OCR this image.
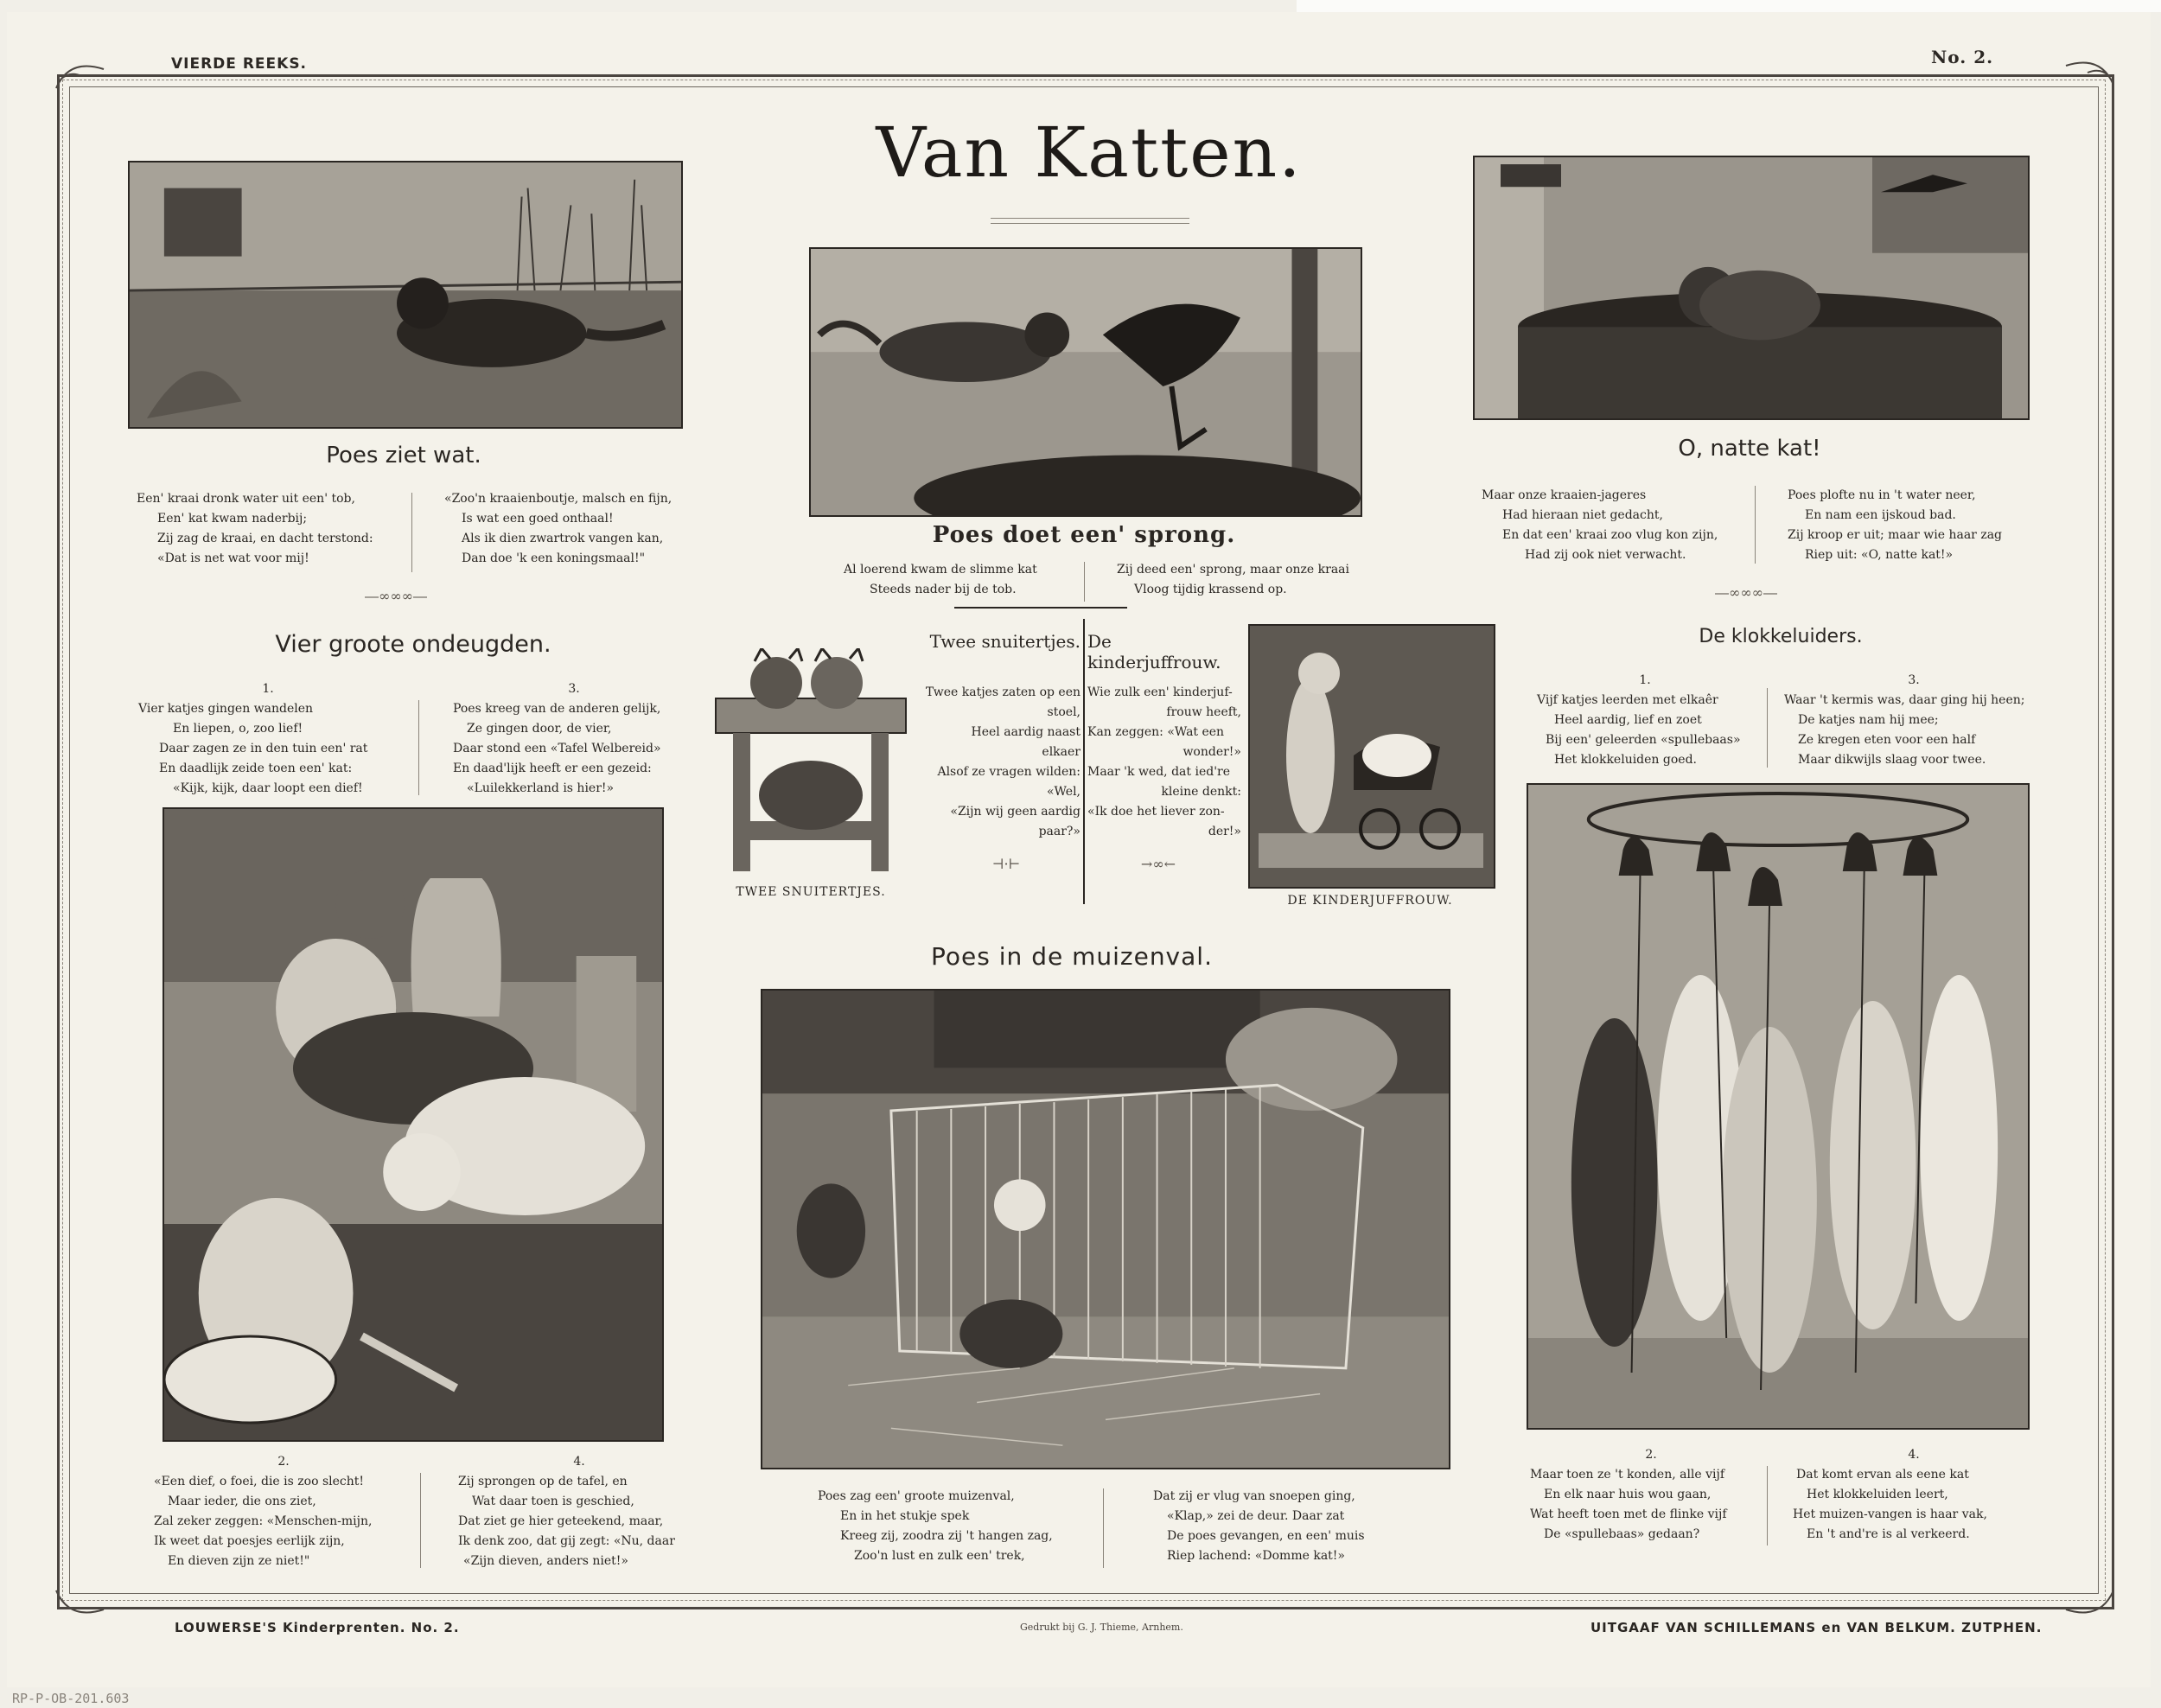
VIERDE REEKS.	No. 2.
Van Katten.
Poes ziet wat.
Een' kraai dronk water uit een' tob,
Een' kat kwam naderbij;
Zij zag de kraai, en dacht terstond:
«Dat is net wat voor mij!
«Zoo'n kraaienboutje, malsch en fijn,
Is wat een goed onthaal!
Als ik dien zwartrok vangen kan,
Dan doe 'k een koningsmaal!"
―∞∞∞―
Poes doet een' sprong.
Al loerend kwam de slimme kat
Steeds nader bij de tob.
Zij deed een' sprong, maar onze kraai
Vloog tijdig krassend op.
O, natte kat!
Maar onze kraaien-jageres
Had hieraan niet gedacht,
En dat een' kraai zoo vlug kon zijn,
Had zij ook niet verwacht.
Poes plofte nu in 't water neer,
En nam een ijskoud bad.
Zij kroop er uit; maar wie haar zag
Riep uit: «O, natte kat!»
―∞∞∞―
Vier groote ondeugden.
1.
Vier katjes gingen wandelen
En liepen, o, zoo lief!
Daar zagen ze in den tuin een' rat
En daadlijk zeide toen een' kat:
«Kijk, kijk, daar loopt een dief!
3.
Poes kreeg van de anderen gelijk,
Ze gingen door, de vier,
Daar stond een «Tafel Welbereid»
En daad'lijk heeft er een gezeid:
«Luilekkerland is hier!»
2.
«Een dief, o foei, die is zoo slecht!
Maar ieder, die ons ziet,
Zal zeker zeggen: «Menschen-mijn,
Ik weet dat poesjes eerlijk zijn,
En dieven zijn ze niet!"
4.
Zij sprongen op de tafel, en
Wat daar toen is geschied,
Dat ziet ge hier geteekend, maar,
Ik denk zoo, dat gij zegt: «Nu, daar
«Zijn dieven, anders niet!»
TWEE SNUITERTJES.
Twee snuitertjes.
Twee katjes zaten op een
stoel,
Heel aardig naast
elkaer
Alsof ze vragen wilden:
«Wel,
«Zijn wij geen aardig
paar?»
⊣·⊢
De kinderjuffrouw.
Wie zulk een' kinderjuf-
frouw heeft,
Kan zeggen: «Wat een
wonder!»
Maar 'k wed, dat ied're
kleine denkt:
«Ik doe het liever zon-
der!»
→∞←
DE KINDERJUFFROUW.
De klokkeluiders.
1.
Vijf katjes leerden met elkaêr
Heel aardig, lief en zoet
Bij een' geleerden «spullebaas»
Het klokkeluiden goed.
3.
Waar 't kermis was, daar ging hij heen;
De katjes nam hij mee;
Ze kregen eten voor een half
Maar dikwijls slaag voor twee.
2.
Maar toen ze 't konden, alle vijf
En elk naar huis wou gaan,
Wat heeft toen met de flinke vijf
De «spullebaas» gedaan?
4.
Dat komt ervan als eene kat
Het klokkeluiden leert,
Het muizen-vangen is haar vak,
En 't and're is al verkeerd.
Poes in de muizenval.
Poes zag een' groote muizenval,
En in het stukje spek
Kreeg zij, zoodra zij 't hangen zag,
Zoo'n lust en zulk een' trek,
Dat zij er vlug van snoepen ging,
«Klap,» zei de deur. Daar zat
De poes gevangen, en een' muis
Riep lachend: «Domme kat!»
LOUWERSE'S Kinderprenten. No. 2.	Gedrukt bij G. J. Thieme, Arnhem.	UITGAAF VAN SCHILLEMANS en VAN BELKUM. ZUTPHEN.
RP-P-OB-201.603
